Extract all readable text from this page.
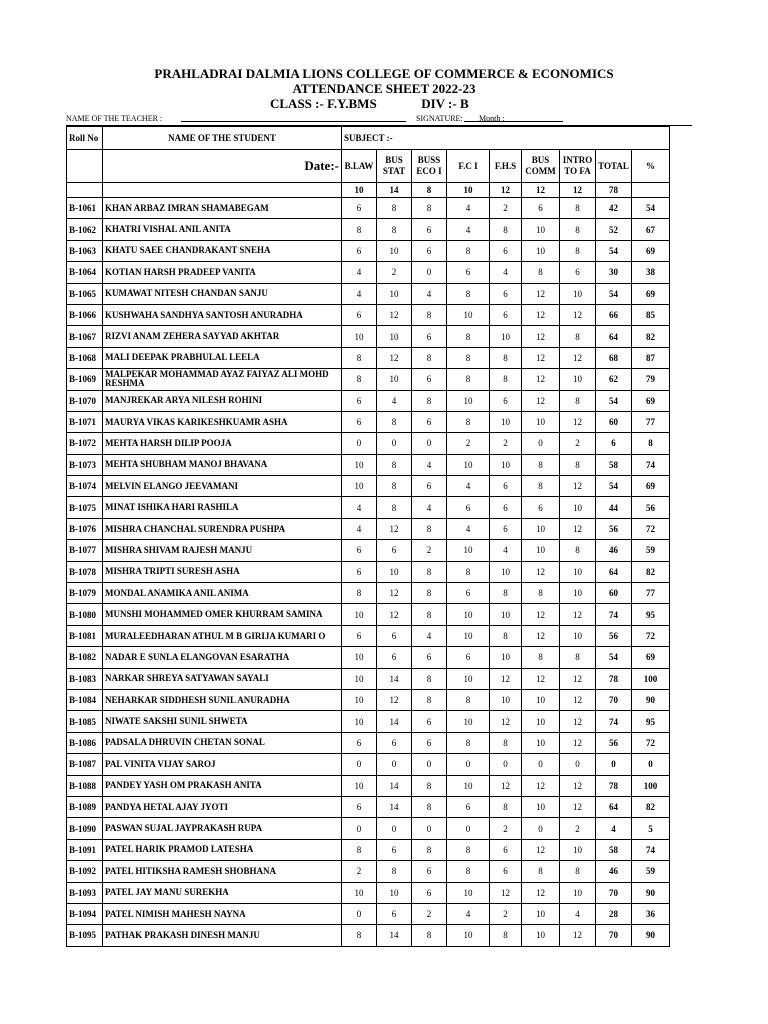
PRAHLADRAI DALMIA LIONS COLLEGE OF COMMERCE & ECONOMICS
ATTENDANCE SHEET 2022-23
CLASS :- F.Y.BMS	DIV :- B
NAME OF THE TEACHER :	SIGNATURE: Month :
Roll No	NAME OF THE STUDENT	SUBJECT :-								
	Date:-	B.LAW	BUS STAT	BUSS ECO I	F.C I	F.H.S	BUS COMM	INTRO TO FA	TOTAL	%
		10	14	8	10	12	12	12	78	
B-1061	KHAN ARBAZ IMRAN SHAMABEGAM	6	8	8	4	2	6	8	42	54
B-1062	KHATRI VISHAL ANIL ANITA	8	8	6	4	8	10	8	52	67
B-1063	KHATU SAEE CHANDRAKANT SNEHA	6	10	6	8	6	10	8	54	69
B-1064	KOTIAN HARSH PRADEEP VANITA	4	2	0	6	4	8	6	30	38
B-1065	KUMAWAT NITESH CHANDAN SANJU	4	10	4	8	6	12	10	54	69
B-1066	KUSHWAHA SANDHYA SANTOSH ANURADHA	6	12	8	10	6	12	12	66	85
B-1067	RIZVI ANAM ZEHERA SAYYAD AKHTAR	10	10	6	8	10	12	8	64	82
B-1068	MALI DEEPAK PRABHULAL LEELA	8	12	8	8	8	12	12	68	87
B-1069	MALPEKAR MOHAMMAD AYAZ FAIYAZ ALI MOHD RESHMA	8	10	6	8	8	12	10	62	79
B-1070	MANJREKAR ARYA NILESH ROHINI	6	4	8	10	6	12	8	54	69
B-1071	MAURYA VIKAS KARIKESHKUAMR ASHA	6	8	6	8	10	10	12	60	77
B-1072	MEHTA HARSH DILIP POOJA	0	0	0	2	2	0	2	6	8
B-1073	MEHTA SHUBHAM MANOJ BHAVANA	10	8	4	10	10	8	8	58	74
B-1074	MELVIN ELANGO JEEVAMANI	10	8	6	4	6	8	12	54	69
B-1075	MINAT ISHIKA HARI RASHILA	4	8	4	6	6	6	10	44	56
B-1076	MISHRA CHANCHAL SURENDRA PUSHPA	4	12	8	4	6	10	12	56	72
B-1077	MISHRA SHIVAM RAJESH MANJU	6	6	2	10	4	10	8	46	59
B-1078	MISHRA TRIPTI SURESH ASHA	6	10	8	8	10	12	10	64	82
B-1079	MONDAL ANAMIKA ANIL ANIMA	8	12	8	6	8	8	10	60	77
B-1080	MUNSHI MOHAMMED OMER KHURRAM SAMINA	10	12	8	10	10	12	12	74	95
B-1081	MURALEEDHARAN ATHUL M B GIRIJA KUMARI O	6	6	4	10	8	12	10	56	72
B-1082	NADAR E SUNLA ELANGOVAN ESARATHA	10	6	6	6	10	8	8	54	69
B-1083	NARKAR SHREYA SATYAWAN SAYALI	10	14	8	10	12	12	12	78	100
B-1084	NEHARKAR SIDDHESH SUNIL ANURADHA	10	12	8	8	10	10	12	70	90
B-1085	NIWATE SAKSHI SUNIL SHWETA	10	14	6	10	12	10	12	74	95
B-1086	PADSALA DHRUVIN CHETAN SONAL	6	6	6	8	8	10	12	56	72
B-1087	PAL VINITA VIJAY SAROJ	0	0	0	0	0	0	0	0	0
B-1088	PANDEY YASH OM PRAKASH ANITA	10	14	8	10	12	12	12	78	100
B-1089	PANDYA HETAL AJAY JYOTI	6	14	8	6	8	10	12	64	82
B-1090	PASWAN SUJAL JAYPRAKASH RUPA	0	0	0	0	2	0	2	4	5
B-1091	PATEL HARIK PRAMOD LATESHA	8	6	8	8	6	12	10	58	74
B-1092	PATEL HITIKSHA RAMESH SHOBHANA	2	8	6	8	6	8	8	46	59
B-1093	PATEL JAY MANU SUREKHA	10	10	6	10	12	12	10	70	90
B-1094	PATEL NIMISH MAHESH NAYNA	0	6	2	4	2	10	4	28	36
B-1095	PATHAK PRAKASH DINESH MANJU	8	14	8	10	8	10	12	70	90
